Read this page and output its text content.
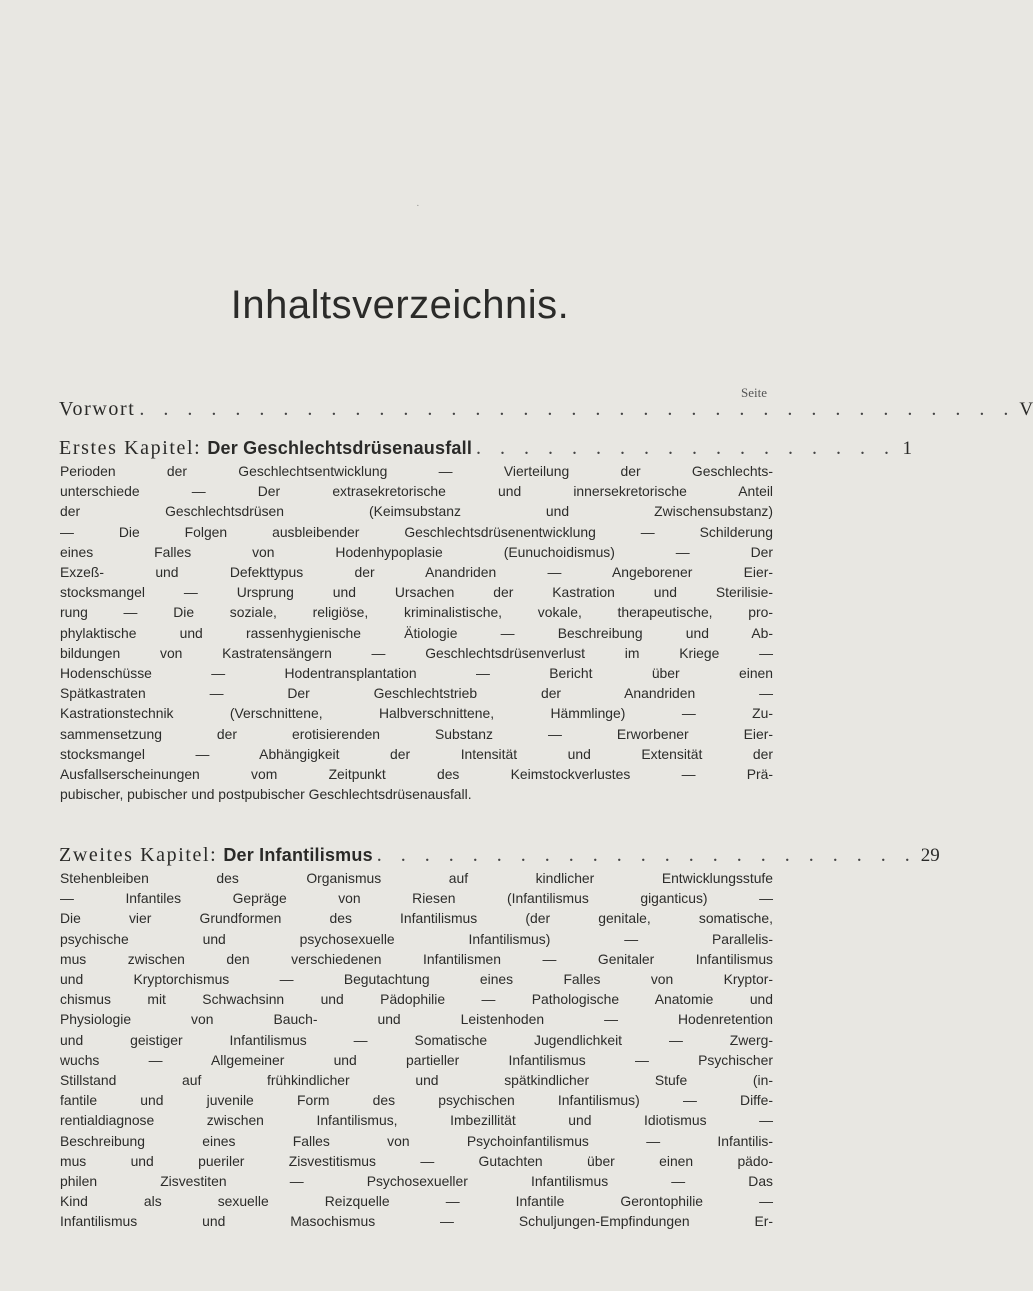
·
Inhaltsverzeichnis.
Seite
Vorwort . . . . . . . . . . . . . . . . . . . . . . . . . . . . . . . . . . . . . V
Erstes Kapitel: Der Geschlechtsdrüsenausfall . . . . . . . . . . . . . . . . . . 1
Perioden der Geschlechtsentwicklung — Vierteilung der Geschlechts-
unterschiede — Der extrasekretorische und innersekretorische Anteil
der Geschlechtsdrüsen (Keimsubstanz und Zwischensubstanz)
— Die Folgen ausbleibender Geschlechtsdrüsenentwicklung — Schilderung
eines Falles von Hodenhypoplasie (Eunuchoidismus) — Der
Exzeß- und Defekttypus der Anandriden — Angeborener Eier-
stocksmangel — Ursprung und Ursachen der Kastration und Sterilisie-
rung — Die soziale, religiöse, kriminalistische, vokale, therapeutische, pro-
phylaktische und rassenhygienische Ätiologie — Beschreibung und Ab-
bildungen von Kastratensängern — Geschlechtsdrüsenverlust im Kriege —
Hodenschüsse — Hodentransplantation — Bericht über einen
Spätkastraten — Der Geschlechtstrieb der Anandriden —
Kastrationstechnik (Verschnittene, Halbverschnittene, Hämmlinge) — Zu-
sammensetzung der erotisierenden Substanz — Erworbener Eier-
stocksmangel — Abhängigkeit der Intensität und Extensität der
Ausfallserscheinungen vom Zeitpunkt des Keimstockverlustes — Prä-
pubischer, pubischer und postpubischer Geschlechtsdrüsenausfall.
Zweites Kapitel: Der Infantilismus . . . . . . . . . . . . . . . . . . . . . . . 29
Stehenbleiben des Organismus auf kindlicher Entwicklungsstufe
— Infantiles Gepräge von Riesen (Infantilismus giganticus) —
Die vier Grundformen des Infantilismus (der genitale, somatische,
psychische und psychosexuelle Infantilismus) — Parallelis-
mus zwischen den verschiedenen Infantilismen — Genitaler Infantilismus
und Kryptorchismus — Begutachtung eines Falles von Kryptor-
chismus mit Schwachsinn und Pädophilie — Pathologische Anatomie und
Physiologie von Bauch- und Leistenhoden — Hodenretention
und geistiger Infantilismus — Somatische Jugendlichkeit — Zwerg-
wuchs — Allgemeiner und partieller Infantilismus — Psychischer
Stillstand auf frühkindlicher und spätkindlicher Stufe (in-
fantile und juvenile Form des psychischen Infantilismus) — Diffe-
rentialdiagnose zwischen Infantilismus, Imbezillität und Idiotismus —
Beschreibung eines Falles von Psychoinfantilismus — Infantilis-
mus und pueriler Zisvestitismus — Gutachten über einen pädo-
philen Zisvestiten — Psychosexueller Infantilismus — Das
Kind als sexuelle Reizquelle — Infantile Gerontophilie —
Infantilismus und Masochismus — Schuljungen-Empfindungen Er-
